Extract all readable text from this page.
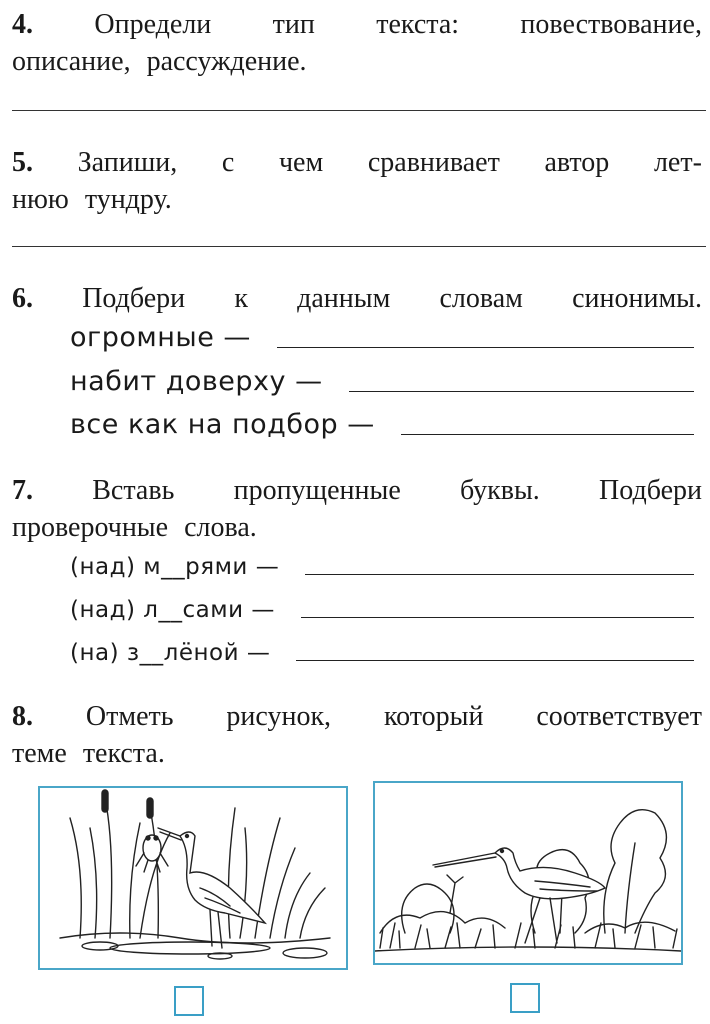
4. Определи тип текста: повествование,
описание, рассуждение.
5. Запиши, с чем сравнивает автор лет-
нюю тундру.
6. Подбери к данным словам синонимы.
огромные —
набит доверху —
все как на подбор —
7. Вставь пропущенные буквы. Подбери
проверочные слова.
(над) м__рями —
(над) л__сами —
(на) з__лёной —
8. Отметь рисунок, который соответствует
теме текста.
